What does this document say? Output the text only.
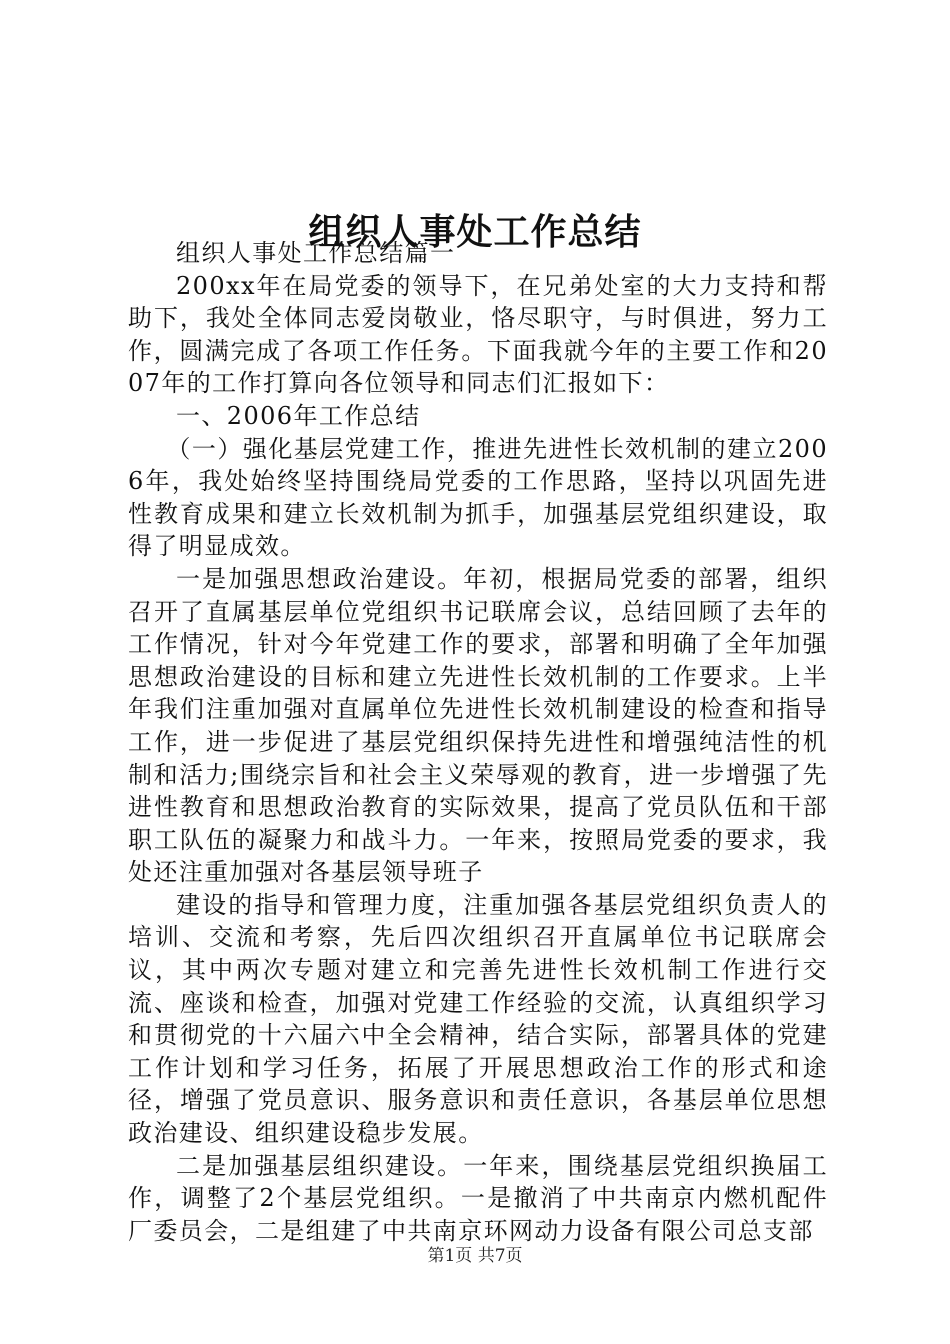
组织人事处工作总结

组织人事处工作总结篇一

200xx年在局党委的领导下，在兄弟处室的大力支持和帮助下，我处全体同志爱岗敬业，恪尽职守，与时俱进，努力工作，圆满完成了各项工作任务。下面我就今年的主要工作和2007年的工作打算向各位领导和同志们汇报如下：

一、2006年工作总结

（一）强化基层党建工作，推进先进性长效机制的建立2006年，我处始终坚持围绕局党委的工作思路，坚持以巩固先进性教育成果和建立长效机制为抓手，加强基层党组织建设，取得了明显成效。

一是加强思想政治建设。年初，根据局党委的部署，组织召开了直属基层单位党组织书记联席会议，总结回顾了去年的工作情况，针对今年党建工作的要求，部署和明确了全年加强思想政治建设的目标和建立先进性长效机制的工作要求。上半年我们注重加强对直属单位先进性长效机制建设的检查和指导工作，进一步促进了基层党组织保持先进性和增强纯洁性的机制和活力;围绕宗旨和社会主义荣辱观的教育，进一步增强了先进性教育和思想政治教育的实际效果，提高了党员队伍和干部职工队伍的凝聚力和战斗力。一年来，按照局党委的要求，我处还注重加强对各基层领导班子

建设的指导和管理力度，注重加强各基层党组织负责人的培训、交流和考察，先后四次组织召开直属单位书记联席会议，其中两次专题对建立和完善先进性长效机制工作进行交流、座谈和检查，加强对党建工作经验的交流，认真组织学习和贯彻党的十六届六中全会精神，结合实际，部署具体的党建工作计划和学习任务，拓展了开展思想政治工作的形式和途径，增强了党员意识、服务意识和责任意识，各基层单位思想政治建设、组织建设稳步发展。

二是加强基层组织建设。一年来，围绕基层党组织换届工作，调整了2个基层党组织。一是撤消了中共南京内燃机配件厂委员会，二是组建了中共南京环网动力设备有限公司总支部

第1页 共7页
